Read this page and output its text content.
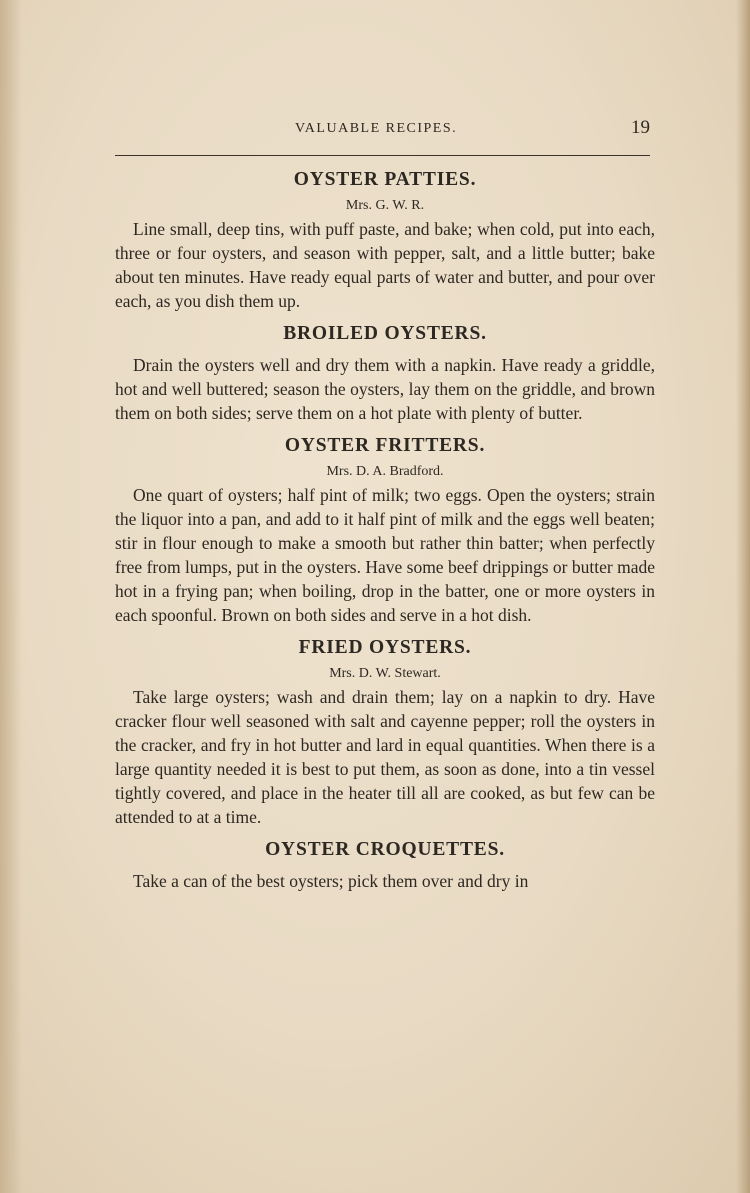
VALUABLE RECIPES.	19
OYSTER PATTIES.

Mrs. G. W. R.

Line small, deep tins, with puff paste, and bake; when cold, put into each, three or four oysters, and season with pepper, salt, and a little butter; bake about ten minutes. Have ready equal parts of water and butter, and pour over each, as you dish them up.

BROILED OYSTERS.

Drain the oysters well and dry them with a napkin. Have ready a griddle, hot and well buttered; season the oysters, lay them on the griddle, and brown them on both sides; serve them on a hot plate with plenty of butter.

OYSTER FRITTERS.

Mrs. D. A. Bradford.

One quart of oysters; half pint of milk; two eggs. Open the oysters; strain the liquor into a pan, and add to it half pint of milk and the eggs well beaten; stir in flour enough to make a smooth but rather thin batter; when perfectly free from lumps, put in the oysters. Have some beef drippings or butter made hot in a frying pan; when boiling, drop in the batter, one or more oysters in each spoonful. Brown on both sides and serve in a hot dish.

FRIED OYSTERS.

Mrs. D. W. Stewart.

Take large oysters; wash and drain them; lay on a napkin to dry. Have cracker flour well seasoned with salt and cayenne pepper; roll the oysters in the cracker, and fry in hot butter and lard in equal quantities. When there is a large quantity needed it is best to put them, as soon as done, into a tin vessel tightly covered, and place in the heater till all are cooked, as but few can be attended to at a time.

OYSTER CROQUETTES.

Take a can of the best oysters; pick them over and dry in
